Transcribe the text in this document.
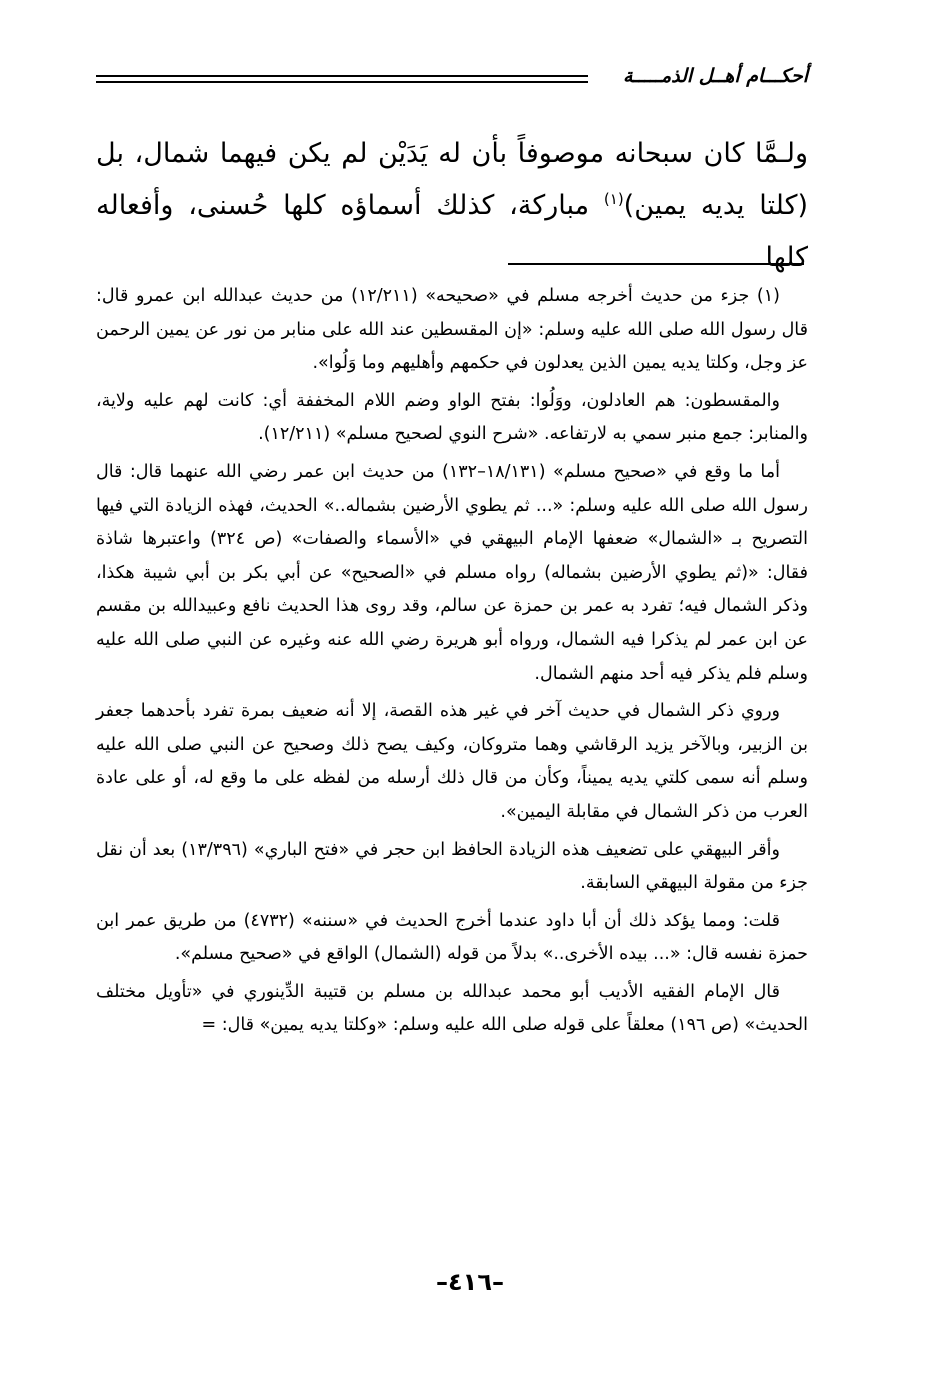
أحكـــام أهــل الذمـــــة

ولـمَّا كان سبحانه موصوفاً بأن له يَدَيْن لم يكن فيهما شمال، بل (كلتا يديه يمين)$^{(١)}$ مباركة، كذلك أسماؤه كلها حُسنى، وأفعاله كلها

(١) جزء من حديث أخرجه مسلم في «صحيحه» (١٢/٢١١) من حديث عبدالله ابن عمرو قال: قال رسول الله صلى الله عليه وسلم: «إن المقسطين عند الله على منابر من نور عن يمين الرحمن عز وجل، وكلتا يديه يمين الذين يعدلون في حكمهم وأهليهم وما وَلُوا».

والمقسطون: هم العادلون، ووَلُوا: بفتح الواو وضم اللام المخففة أي: كانت لهم عليه ولاية، والمنابر: جمع منبر سمي به لارتفاعه. «شرح النوي لصحيح مسلم» (١٢/٢١١).

أما ما وقع في «صحيح مسلم» (١٨/١٣١–١٣٢) من حديث ابن عمر رضي الله عنهما قال: قال رسول الله صلى الله عليه وسلم: «... ثم يطوي الأرضين بشماله..» الحديث، فهذه الزيادة التي فيها التصريح بـ «الشمال» ضعفها الإمام البيهقي في «الأسماء والصفات» (ص ٣٢٤) واعتبرها شاذة فقال: «(ثم يطوي الأرضين بشماله) رواه مسلم في «الصحيح» عن أبي بكر بن أبي شيبة هكذا، وذكر الشمال فيه؛ تفرد به عمر بن حمزة عن سالم، وقد روى هذا الحديث نافع وعبيدالله بن مقسم عن ابن عمر لم يذكرا فيه الشمال، ورواه أبو هريرة رضي الله عنه وغيره عن النبي صلى الله عليه وسلم فلم يذكر فيه أحد منهم الشمال.

وروي ذكر الشمال في حديث آخر في غير هذه القصة، إلا أنه ضعيف بمرة تفرد بأحدهما جعفر بن الزبير، وبالآخر يزيد الرقاشي وهما متروكان، وكيف يصح ذلك وصحيح عن النبي صلى الله عليه وسلم أنه سمى كلتي يديه يميناً، وكأن من قال ذلك أرسله من لفظه على ما وقع له، أو على عادة العرب من ذكر الشمال في مقابلة اليمين».

وأقر البيهقي على تضعيف هذه الزيادة الحافظ ابن حجر في «فتح الباري» (١٣/٣٩٦) بعد أن نقل جزء من مقولة البيهقي السابقة.

قلت: ومما يؤكد ذلك أن أبا داود عندما أخرج الحديث في «سننه» (٤٧٣٢) من طريق عمر ابن حمزة نفسه قال: «... بيده الأخرى..» بدلاً من قوله (الشمال) الواقع في «صحيح مسلم».

قال الإمام الفقيه الأديب أبو محمد عبدالله بن مسلم بن قتيبة الدِّينوري في «تأويل مختلف الحديث» (ص ١٩٦) معلقاً على قوله صلى الله عليه وسلم: «وكلتا يديه يمين» قال: =

–٤١٦–
